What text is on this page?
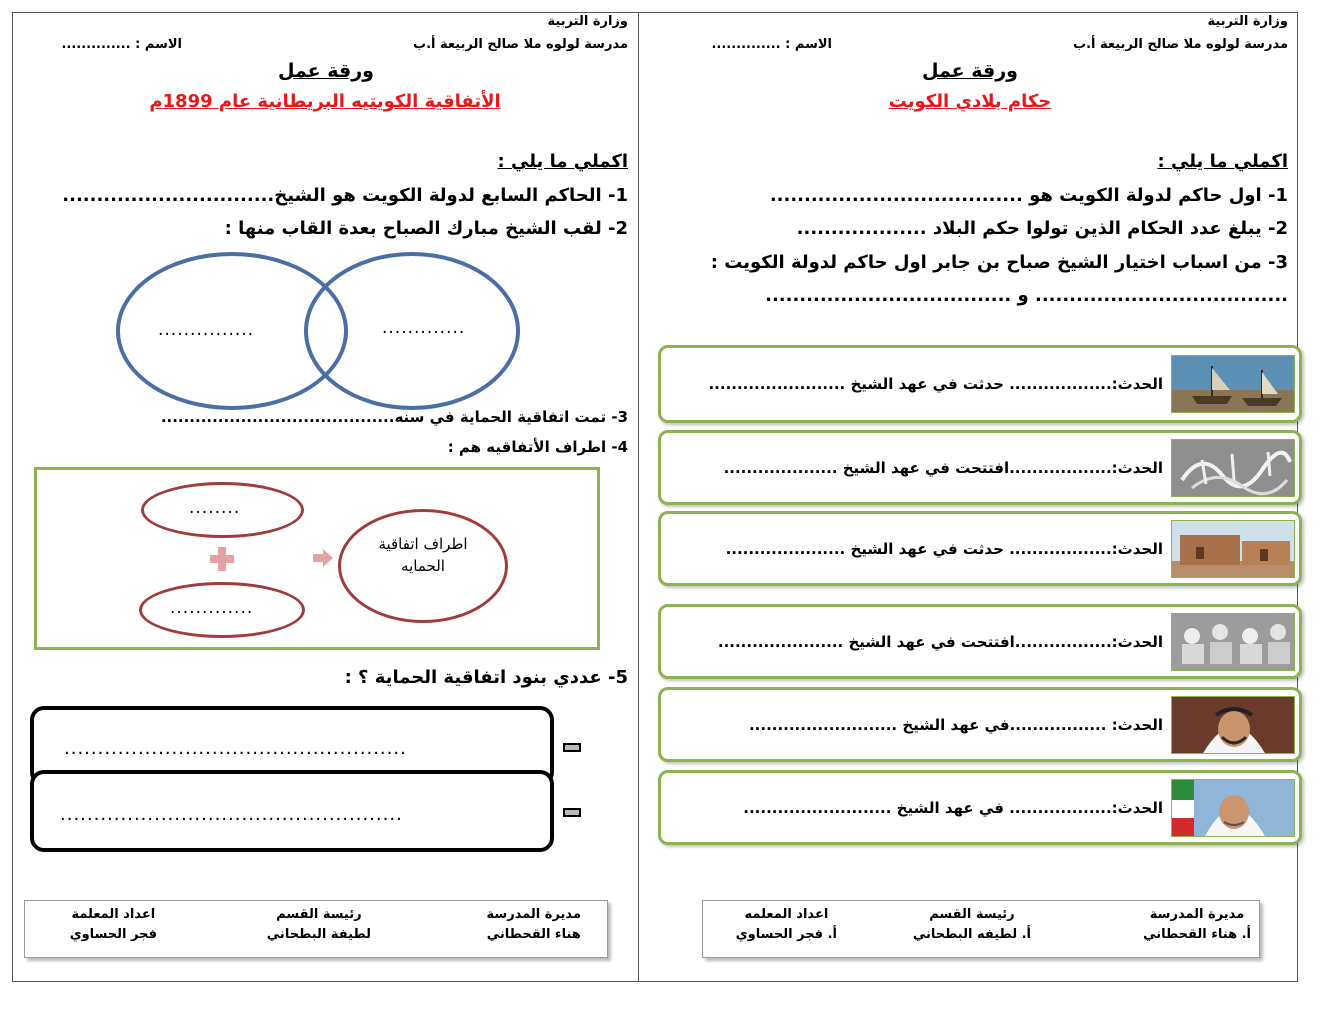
وزارة التربية
مدرسة لولوه ملا صالح الربيعة أ.ب
الاسم : ..............
ورقة عمل
حكام بلادي الكويت
اكملي ما يلي :
1- اول حاكم لدولة الكويت هو .....................................
2- يبلغ عدد الحكام الذين تولوا حكم البلاد ...................
3- من اسباب اختيار الشيخ صباح بن جابر اول حاكم لدولة الكويت :
..................................... و ....................................
الحدث:.................. حدثت في عهد الشيخ ........................
الحدث:..................افتتحت في عهد الشيخ ....................
الحدث:.................. حدثت في عهد الشيخ .....................
الحدث:.................افتتحت في عهد الشيخ ......................
الحدث: .................في عهد الشيخ ..........................
الحدث:.................. في عهد الشيخ ..........................
مديرة المدرسة
أ. هناء القحطاني
رئيسة القسم
أ. لطيفه البطحاني
اعداد المعلمه
أ. فجر الحساوي
وزارة التربية
مدرسة لولوه ملا صالح الربيعة أ.ب
الاسم : ..............
ورقة عمل
الأتفاقية الكويتيه البريطانية عام 1899م
اكملي ما يلي :
1- الحاكم السابع لدولة الكويت هو الشيخ...............................
2- لقب الشيخ مبارك الصباح بعدة القاب منها :
...............	.............
3- تمت اتفاقية الحماية في سنه.........................................
4- اطراف الأتفاقيه هم :
........
.............
اطراف اتفاقية
الحمايه
5- عددي بنود اتفاقية الحماية ؟ :
...................................................
...................................................
مديرة المدرسة
هناء القحطاني
رئيسة القسم
لطيفة البطحاني
اعداد المعلمة
فجر الحساوي
